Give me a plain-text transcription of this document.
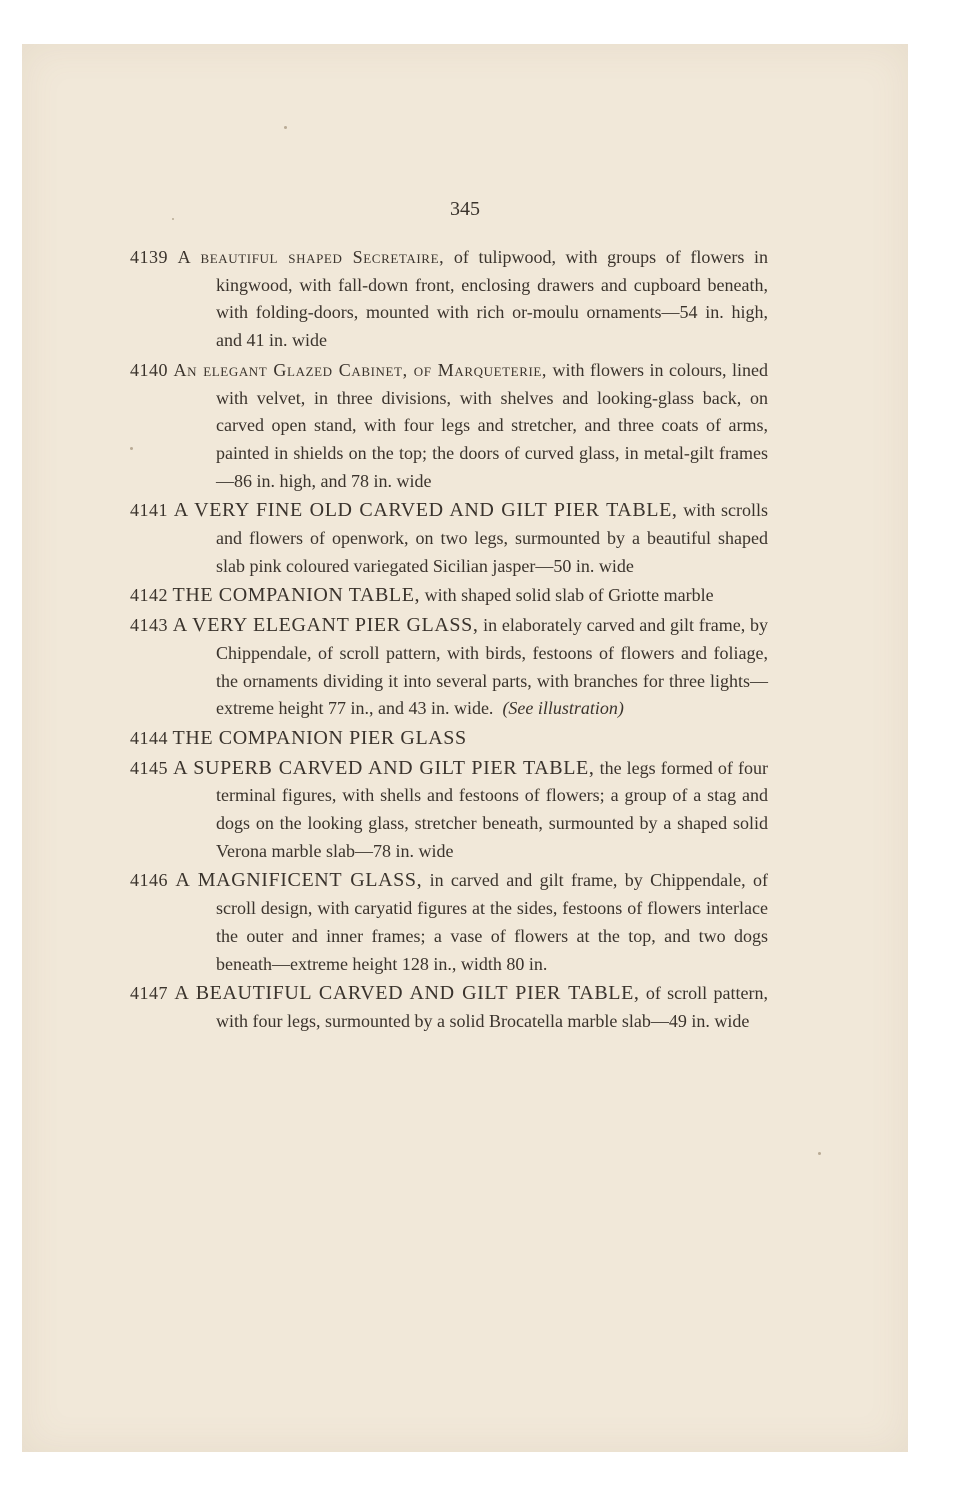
345

4139 A beautiful shaped Secretaire, of tulipwood, with groups of flowers in kingwood, with fall-down front, enclosing drawers and cupboard beneath, with folding-doors, mounted with rich or-moulu ornaments—54 in. high, and 41 in. wide

4140 An elegant Glazed Cabinet, of Marqueterie, with flowers in colours, lined with velvet, in three divisions, with shelves and looking-glass back, on carved open stand, with four legs and stretcher, and three coats of arms, painted in shields on the top; the doors of curved glass, in metal-gilt frames—86 in. high, and 78 in. wide

4141 A VERY FINE OLD CARVED AND GILT PIER TABLE, with scrolls and flowers of openwork, on two legs, surmounted by a beautiful shaped slab pink coloured variegated Sicilian jasper—50 in. wide

4142 THE COMPANION TABLE, with shaped solid slab of Griotte marble

4143 A VERY ELEGANT PIER GLASS, in elaborately carved and gilt frame, by Chippendale, of scroll pattern, with birds, festoons of flowers and foliage, the ornaments dividing it into several parts, with branches for three lights—extreme height 77 in., and 43 in. wide. (See illustration)

4144 THE COMPANION PIER GLASS

4145 A SUPERB CARVED AND GILT PIER TABLE, the legs formed of four terminal figures, with shells and festoons of flowers; a group of a stag and dogs on the looking glass, stretcher beneath, surmounted by a shaped solid Verona marble slab—78 in. wide

4146 A MAGNIFICENT GLASS, in carved and gilt frame, by Chippendale, of scroll design, with caryatid figures at the sides, festoons of flowers interlace the outer and inner frames; a vase of flowers at the top, and two dogs beneath—extreme height 128 in., width 80 in.

4147 A BEAUTIFUL CARVED AND GILT PIER TABLE, of scroll pattern, with four legs, surmounted by a solid Brocatella marble slab—49 in. wide
